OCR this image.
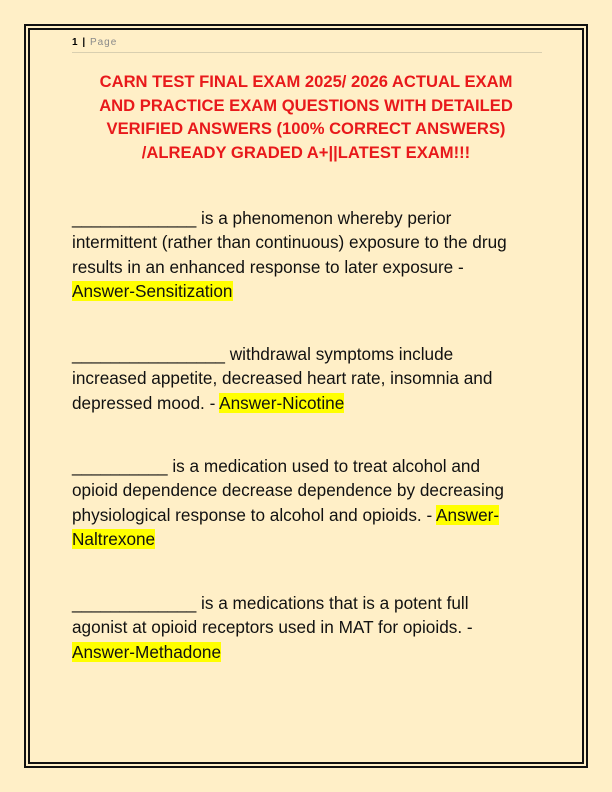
1 | Page
CARN TEST FINAL EXAM 2025/ 2026 ACTUAL EXAM
AND PRACTICE EXAM QUESTIONS WITH DETAILED
VERIFIED ANSWERS (100% CORRECT ANSWERS)
/ALREADY GRADED A+||LATEST EXAM!!!
_____________ is a phenomenon whereby perior
intermittent (rather than continuous) exposure to the drug
results in an enhanced response to later exposure -
Answer-Sensitization
________________ withdrawal symptoms include
increased appetite, decreased heart rate, insomnia and
depressed mood. - Answer-Nicotine
__________ is a medication used to treat alcohol and
opioid dependence decrease dependence by decreasing
physiological response to alcohol and opioids. - Answer-
Naltrexone
_____________ is a medications that is a potent full
agonist at opioid receptors used in MAT for opioids. -
Answer-Methadone
